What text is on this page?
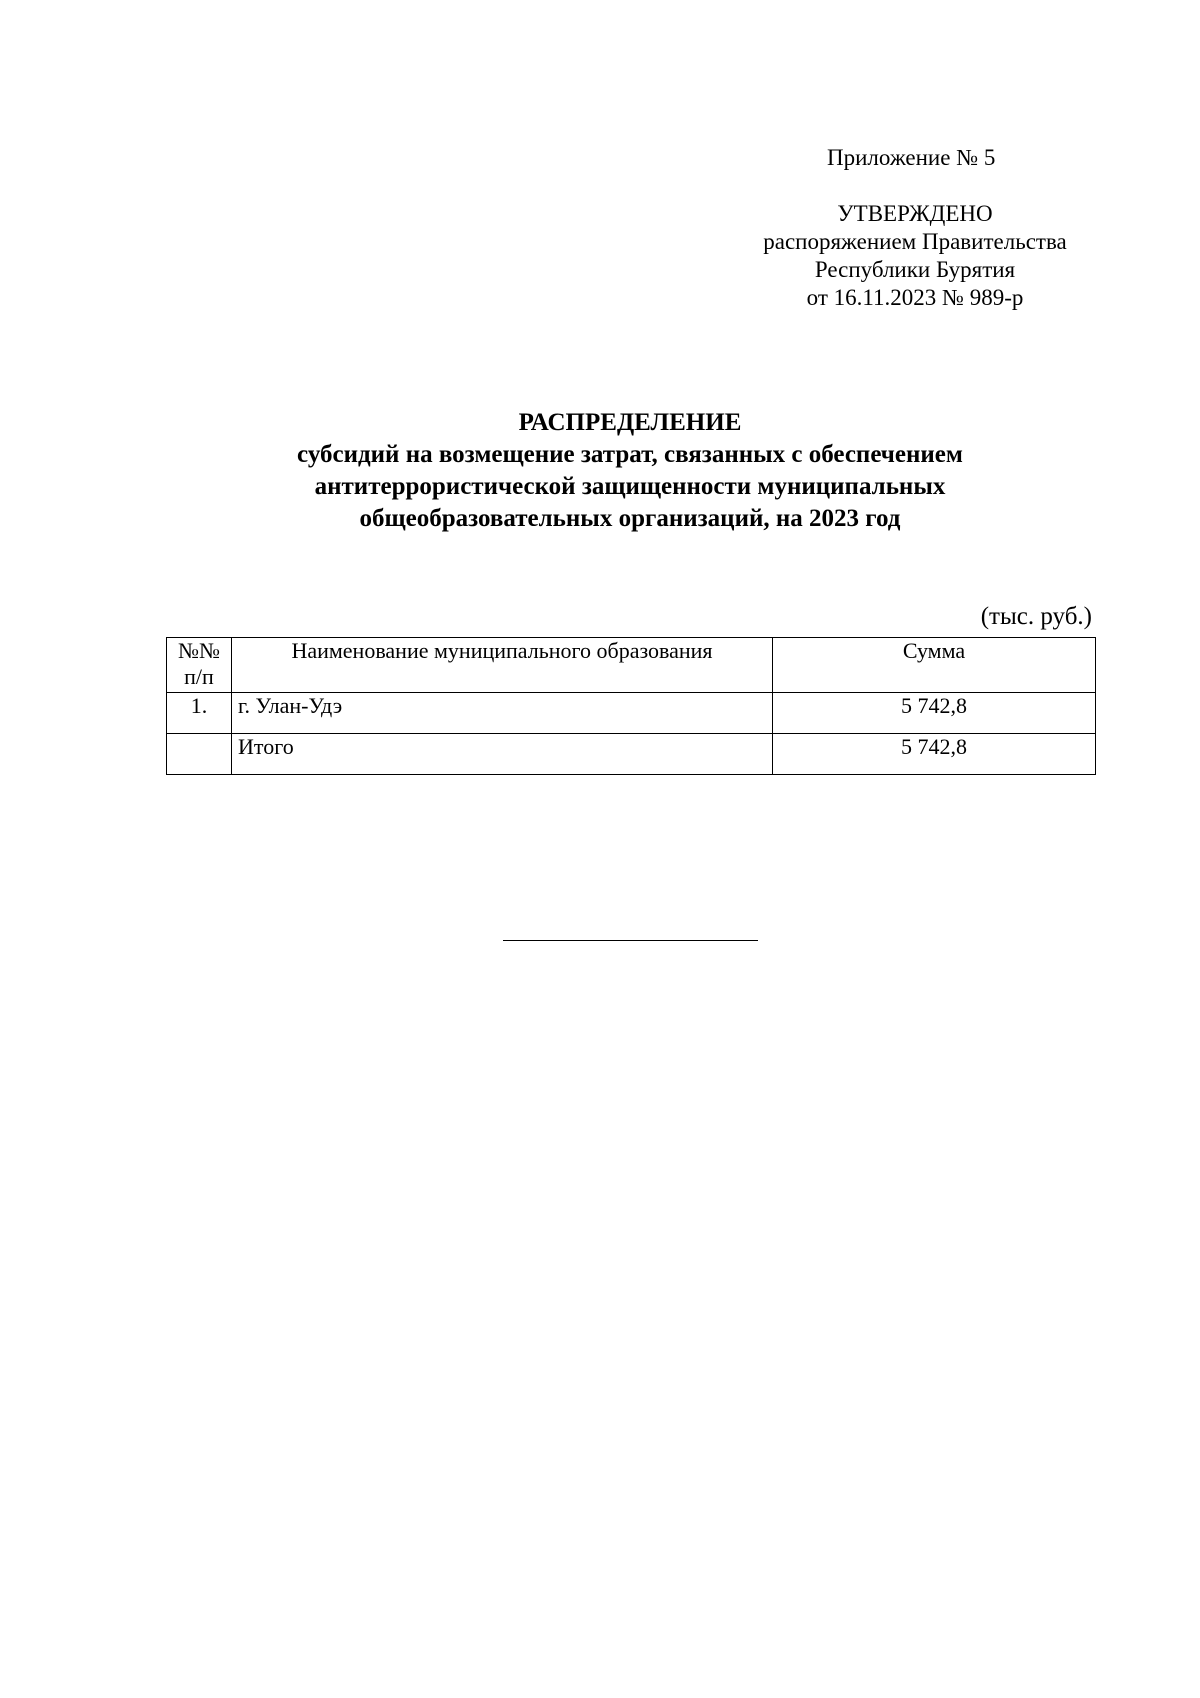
Приложение № 5
УТВЕРЖДЕНО
распоряжением Правительства
Республики Бурятия
от 16.11.2023 № 989-р
РАСПРЕДЕЛЕНИЕ
субсидий на возмещение затрат, связанных с обеспечением
антитеррористической защищенности муниципальных
общеобразовательных организаций, на 2023 год
(тыс. руб.)
№№
п/п	Наименование муниципального образования	Сумма
1.	г. Улан-Удэ	5 742,8
	Итого	5 742,8
